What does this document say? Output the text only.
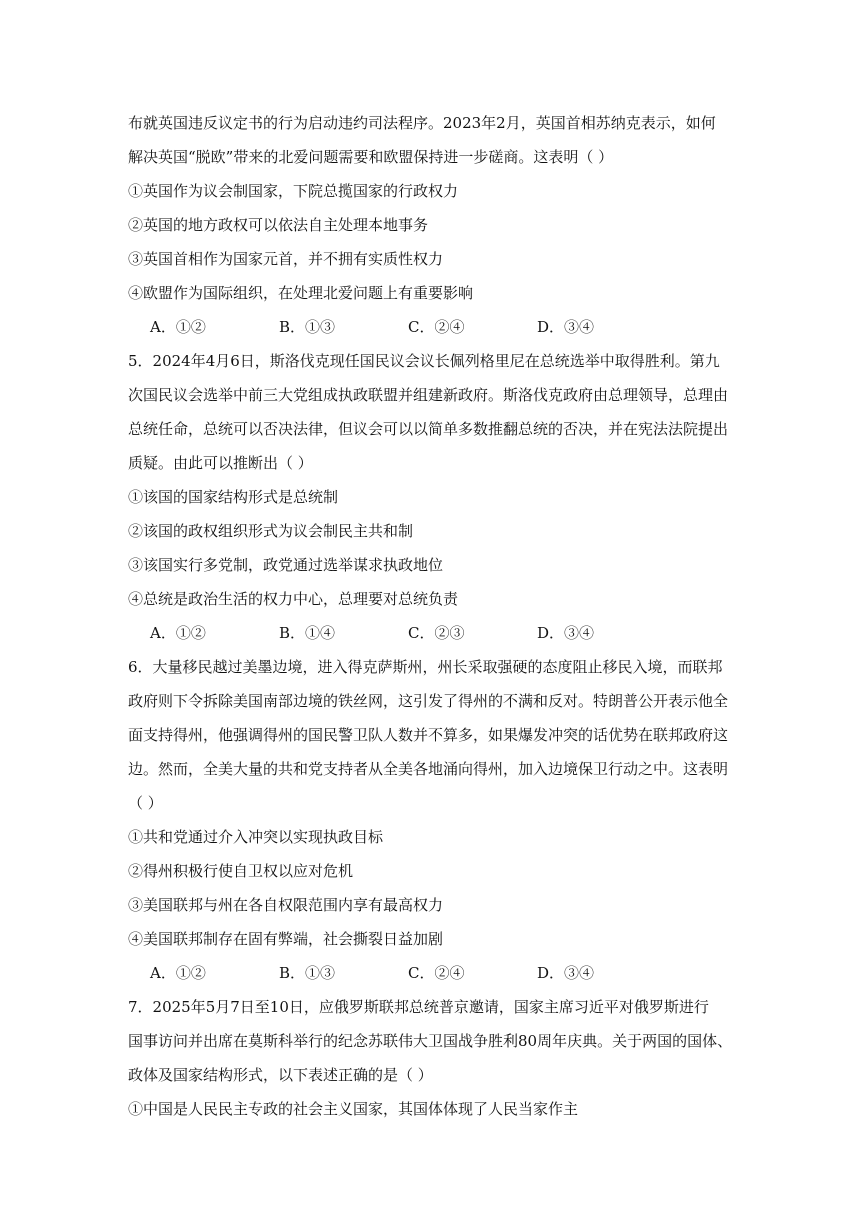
布就英国违反议定书的行为启动违约司法程序。2023年2月，英国首相苏纳克表示，如何
解决英国“脱欧”带来的北爱问题需要和欧盟保持进一步磋商。这表明（ ）
①英国作为议会制国家，下院总揽国家的行政权力
②英国的地方政权可以依法自主处理本地事务
③英国首相作为国家元首，并不拥有实质性权力
④欧盟作为国际组织，在处理北爱问题上有重要影响
A．①②	B．①③	C．②④	D．③④
5．2024年4月6日，斯洛伐克现任国民议会议长佩列格里尼在总统选举中取得胜利。第九
次国民议会选举中前三大党组成执政联盟并组建新政府。斯洛伐克政府由总理领导，总理由
总统任命，总统可以否决法律，但议会可以以简单多数推翻总统的否决，并在宪法法院提出
质疑。由此可以推断出（ ）
①该国的国家结构形式是总统制
②该国的政权组织形式为议会制民主共和制
③该国实行多党制，政党通过选举谋求执政地位
④总统是政治生活的权力中心，总理要对总统负责
A．①②	B．①④	C．②③	D．③④
6．大量移民越过美墨边境，进入得克萨斯州，州长采取强硬的态度阻止移民入境，而联邦
政府则下令拆除美国南部边境的铁丝网，这引发了得州的不满和反对。特朗普公开表示他全
面支持得州，他强调得州的国民警卫队人数并不算多，如果爆发冲突的话优势在联邦政府这
边。然而，全美大量的共和党支持者从全美各地涌向得州，加入边境保卫行动之中。这表明
（ ）
①共和党通过介入冲突以实现执政目标
②得州积极行使自卫权以应对危机
③美国联邦与州在各自权限范围内享有最高权力
④美国联邦制存在固有弊端，社会撕裂日益加剧
A．①②	B．①③	C．②④	D．③④
7．2025年5月7日至10日，应俄罗斯联邦总统普京邀请，国家主席习近平对俄罗斯进行
国事访问并出席在莫斯科举行的纪念苏联伟大卫国战争胜利80周年庆典。关于两国的国体、
政体及国家结构形式，以下表述正确的是（ ）
①中国是人民民主专政的社会主义国家，其国体体现了人民当家作主
